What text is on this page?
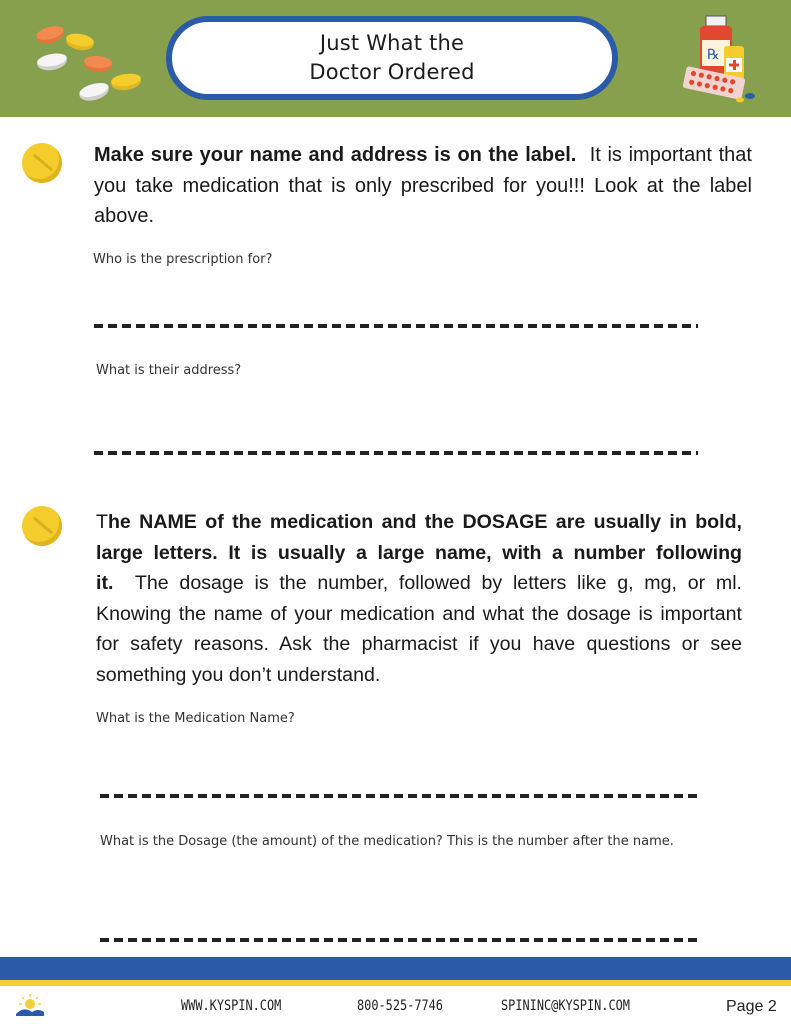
Just What the
Doctor Ordered
℞

Make sure your name and address is on the label. It is important that you take medication that is only prescribed for you!!! Look at the label above.

Who is the prescription for?
What is their address?

The NAME of the medication and the DOSAGE are usually in bold, large letters. It is usually a large name, with a number following it. The dosage is the number, followed by letters like g, mg, or ml. Knowing the name of your medication and what the dosage is important for safety reasons. Ask the pharmacist if you have questions or see something you don’t understand.

What is the Medication Name?
What is the Dosage (the amount) of the medication? This is the number after the name.
WWW.KYSPIN.COM	800-525-7746	SPININC@KYSPIN.COM	Page 2
